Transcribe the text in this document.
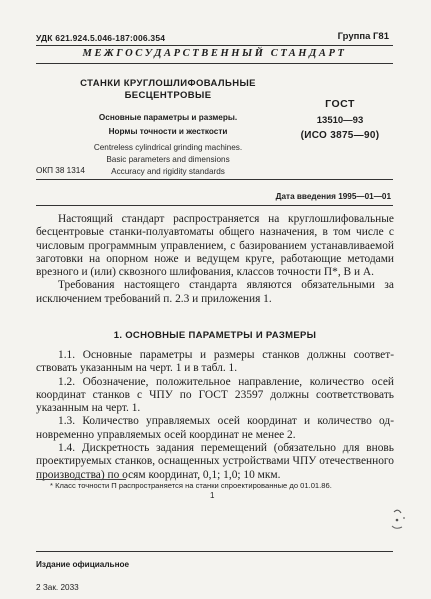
УДК 621.924.5.046-187:006.354	Группа Г81
МЕЖГОСУДАРСТВЕННЫЙ СТАНДАРТ
СТАНКИ КРУГЛОШЛИФОВАЛЬНЫЕ
БЕСЦЕНТРОВЫЕ
Основные параметры и размеры.
Нормы точности и жесткости
Centreless cylindrical grinding machines.
Basic parameters and dimensions
Accuracy and rigidity standards
ГОСТ
13510—93
(ИСО 3875—90)
ОКП 38 1314
Дата введения 1995—01—01

Настоящий стандарт распространяется на круглошлифовальные бесцентровые станки-полуавтоматы общего назначения, в том числе с числовым программным управлением, с базированием устанавливаемой заготовки на опорном ноже и ведущем круге, работающие методами врезного и (или) сквозного шлифования, классов точности П*, В и А.

Требования настоящего стандарта являются обязательными за исключением требований п. 2.3 и приложения 1.

1. ОСНОВНЫЕ ПАРАМЕТРЫ И РАЗМЕРЫ

1.1. Основные параметры и размеры станков должны соответствовать указанным на черт. 1 и в табл. 1.

1.2. Обозначение, положительное направление, количество осей координат станков с ЧПУ по ГОСТ 23597 должны соответствовать указанным на черт. 1.

1.3. Количество управляемых осей координат и количество одновременно управляемых осей координат не менее 2.

1.4. Дискретность задания перемещений (обязательно для вновь проектируемых станков, оснащенных устройствами ЧПУ отечественного производства) по осям координат, 0,1; 1,0; 10 мкм.

* Класс точности П распространяется на станки спроектированные до 01.01.86.
1
Издание официальное
2 Зак. 2033
